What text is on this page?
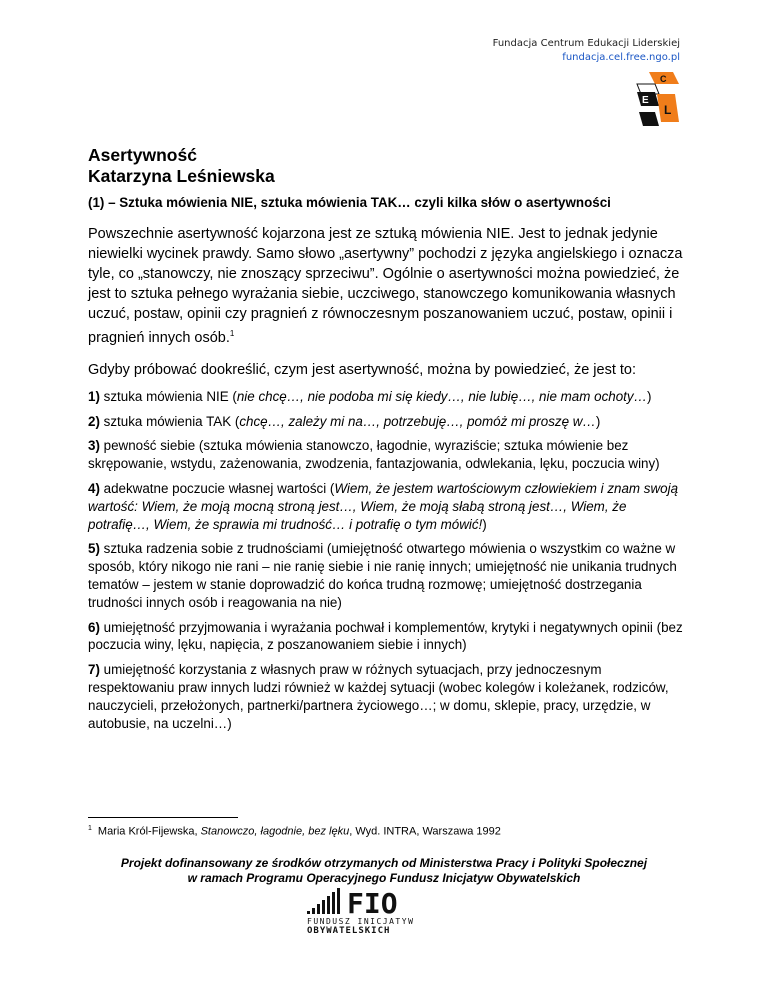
Fundacja Centrum Edukacji Liderskiej
fundacja.cel.free.ngo.pl
C
E
L
Asertywność
Katarzyna Leśniewska
(1) – Sztuka mówienia NIE, sztuka mówienia TAK… czyli kilka słów o asertywności

Powszechnie asertywność kojarzona jest ze sztuką mówienia NIE. Jest to jednak jedynie niewielki wycinek prawdy. Samo słowo „asertywny” pochodzi z języka angielskiego i oznacza tyle, co „stanowczy, nie znoszący sprzeciwu”. Ogólnie o asertywności można powiedzieć, że jest to sztuka pełnego wyrażania siebie, uczciwego, stanowczego komunikowania własnych uczuć, postaw, opinii czy pragnień z równoczesnym poszanowaniem uczuć, postaw, opinii i pragnień innych osób.$^1$

Gdyby próbować dookreślić, czym jest asertywność, można by powiedzieć, że jest to:

1) sztuka mówienia NIE (nie chcę…, nie podoba mi się kiedy…, nie lubię…, nie mam ochoty…)

2) sztuka mówienia TAK (chcę…, zależy mi na…, potrzebuję…, pomóż mi proszę w…)

3) pewność siebie (sztuka mówienia stanowczo, łagodnie, wyraziście; sztuka mówienie bez skrępowanie, wstydu, zażenowania, zwodzenia, fantazjowania, odwlekania, lęku, poczucia winy)

4) adekwatne poczucie własnej wartości (Wiem, że jestem wartościowym człowiekiem i znam swoją wartość: Wiem, że moją mocną stroną jest…, Wiem, że moją słabą stroną jest…, Wiem, że potrafię…, Wiem, że sprawia mi trudność… i potrafię o tym mówić!)

5) sztuka radzenia sobie z trudnościami (umiejętność otwartego mówienia o wszystkim co ważne w sposób, który nikogo nie rani – nie ranię siebie i nie ranię innych; umiejętność nie unikania trudnych tematów – jestem w stanie doprowadzić do końca trudną rozmowę; umiejętność dostrzegania trudności innych osób i reagowania na nie)

6) umiejętność przyjmowania i wyrażania pochwał i komplementów, krytyki i negatywnych opinii (bez poczucia winy, lęku, napięcia, z poszanowaniem siebie i innych)

7) umiejętność korzystania z własnych praw w różnych sytuacjach, przy jednoczesnym respektowaniu praw innych ludzi również w każdej sytuacji (wobec kolegów i koleżanek, rodziców, nauczycieli, przełożonych, partnerki/partnera życiowego…; w domu, sklepie, pracy, urzędzie, w autobusie, na uczelni…)

$^1$ Maria Król-Fijewska, Stanowczo, łagodnie, bez lęku, Wyd. INTRA, Warszawa 1992
Projekt dofinansowany ze środków otrzymanych od Ministerstwa Pracy i Polityki Społecznej
w ramach Programu Operacyjnego Fundusz Inicjatyw Obywatelskich
FIO
FUNDUSZ INICJATYW
OBYWATELSKICH
